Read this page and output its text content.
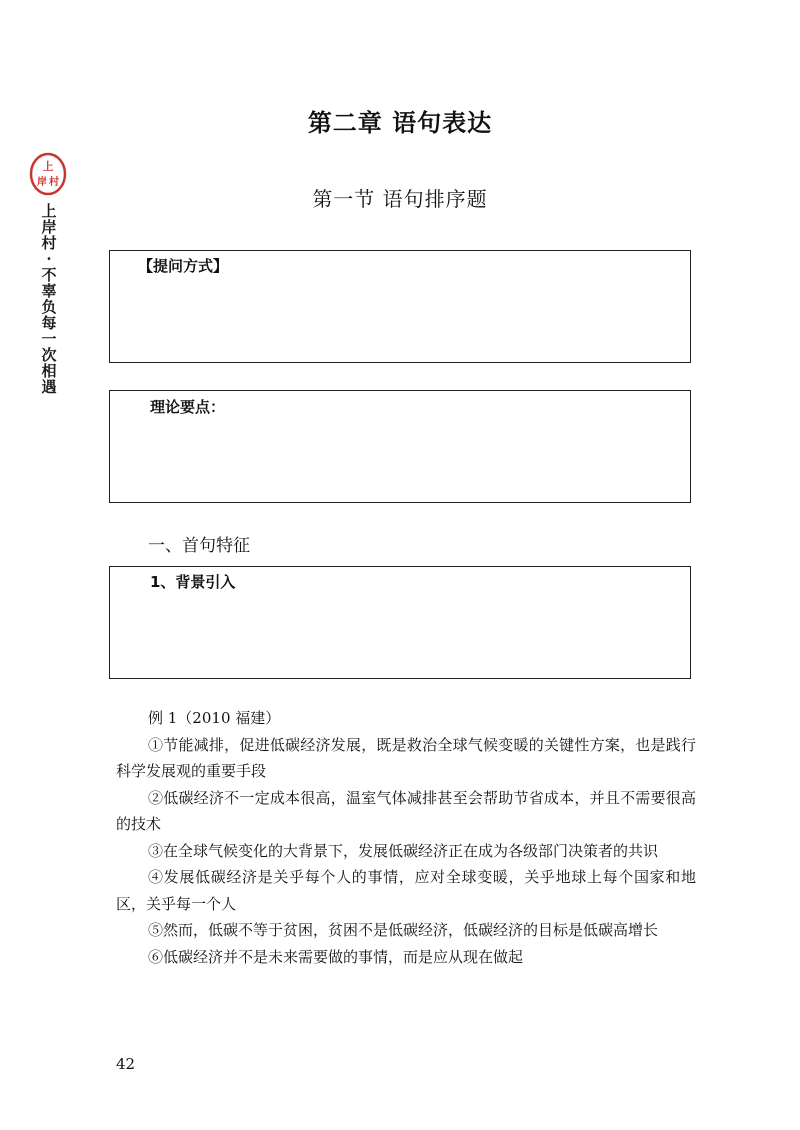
上
岸 村
上
岸
村
·
不
辜
负
每
一
次
相
遇
第二章 语句表达
第一节 语句排序题
【提问方式】
理论要点：
一、首句特征
1、背景引入
例 1（2010 福建）
①节能减排，促进低碳经济发展，既是救治全球气候变暖的关键性方案，也是践行科学发展观的重要手段
②低碳经济不一定成本很高，温室气体减排甚至会帮助节省成本，并且不需要很高的技术
③在全球气候变化的大背景下，发展低碳经济正在成为各级部门决策者的共识
④发展低碳经济是关乎每个人的事情，应对全球变暖，关乎地球上每个国家和地区，关乎每一个人
⑤然而，低碳不等于贫困，贫困不是低碳经济，低碳经济的目标是低碳高增长
⑥低碳经济并不是未来需要做的事情，而是应从现在做起
42
